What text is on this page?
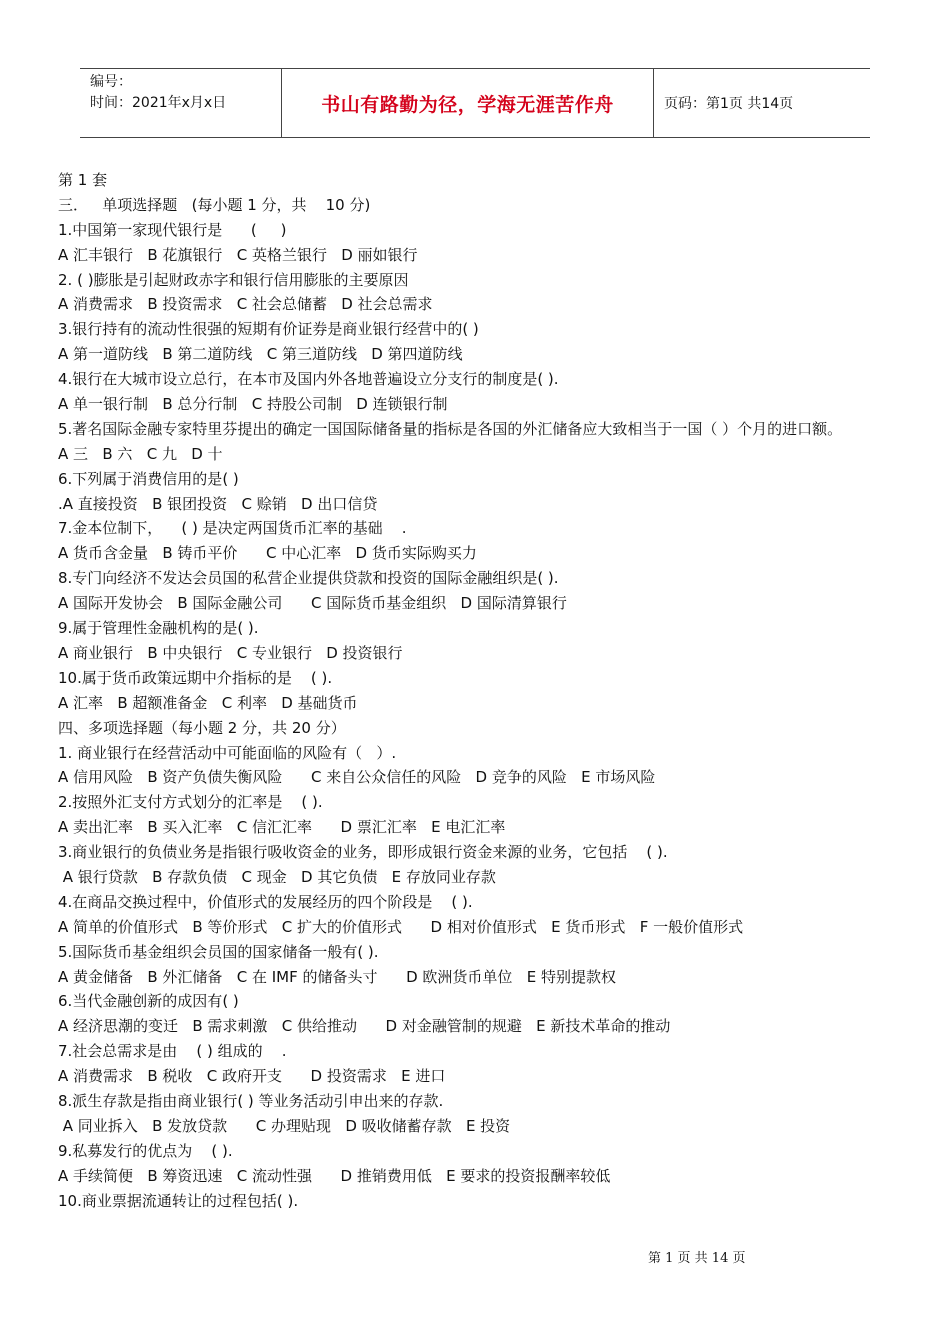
编号：
时间：2021年x月x日	书山有路勤为径，学海无涯苦作舟	页码：第1页 共14页
第 1 套
三．   单项选择题   (每小题 1 分，共    10 分)
1.中国第一家现代银行是      (     )
A 汇丰银行   B 花旗银行   C 英格兰银行   D 丽如银行
2. ( )膨胀是引起财政赤字和银行信用膨胀的主要原因
A 消费需求   B 投资需求   C 社会总储蓄   D 社会总需求
3.银行持有的流动性很强的短期有价证券是商业银行经营中的( )
A 第一道防线   B 第二道防线   C 第三道防线   D 第四道防线
4.银行在大城市设立总行，在本市及国内外各地普遍设立分支行的制度是( ).
A 单一银行制   B 总分行制   C 持股公司制   D 连锁银行制
5.著名国际金融专家特里芬提出的确定一国国际储备量的指标是各国的外汇储备应大致相当于一国（ ）个月的进口额。
A 三   B 六   C 九   D 十
6.下列属于消费信用的是( )
.A 直接投资   B 银团投资   C 赊销   D 出口信贷
7.金本位制下，    ( ) 是决定两国货币汇率的基础    .
A 货币含金量   B 铸币平价      C 中心汇率   D 货币实际购买力
8.专门向经济不发达会员国的私营企业提供贷款和投资的国际金融组织是( ).
A 国际开发协会   B 国际金融公司      C 国际货币基金组织   D 国际清算银行
9.属于管理性金融机构的是( ).
A 商业银行   B 中央银行   C 专业银行   D 投资银行
10.属于货币政策远期中介指标的是    ( ).
A 汇率   B 超额准备金   C 利率   D 基础货币
四、多项选择题（每小题 2 分，共 20 分）
1. 商业银行在经营活动中可能面临的风险有（   ）.
A 信用风险   B 资产负债失衡风险      C 来自公众信任的风险   D 竞争的风险   E 市场风险
2.按照外汇支付方式划分的汇率是    ( ).
A 卖出汇率   B 买入汇率   C 信汇汇率      D 票汇汇率   E 电汇汇率
3.商业银行的负债业务是指银行吸收资金的业务，即形成银行资金来源的业务，它包括    ( ).
A 银行贷款   B 存款负债   C 现金   D 其它负债   E 存放同业存款
4.在商品交换过程中，价值形式的发展经历的四个阶段是    ( ).
A 简单的价值形式   B 等价形式   C 扩大的价值形式      D 相对价值形式   E 货币形式   F 一般价值形式
5.国际货币基金组织会员国的国家储备一般有( ).
A 黄金储备   B 外汇储备   C 在 IMF 的储备头寸      D 欧洲货币单位   E 特别提款权
6.当代金融创新的成因有( )
A 经济思潮的变迁   B 需求刺激   C 供给推动      D 对金融管制的规避   E 新技术革命的推动
7.社会总需求是由    ( ) 组成的    .
A 消费需求   B 税收   C 政府开支      D 投资需求   E 进口
8.派生存款是指由商业银行( ) 等业务活动引申出来的存款.
A 同业拆入   B 发放贷款      C 办理贴现   D 吸收储蓄存款   E 投资
9.私募发行的优点为    ( ).
A 手续简便   B 筹资迅速   C 流动性强      D 推销费用低   E 要求的投资报酬率较低
10.商业票据流通转让的过程包括( ).
第 1 页 共 14 页
